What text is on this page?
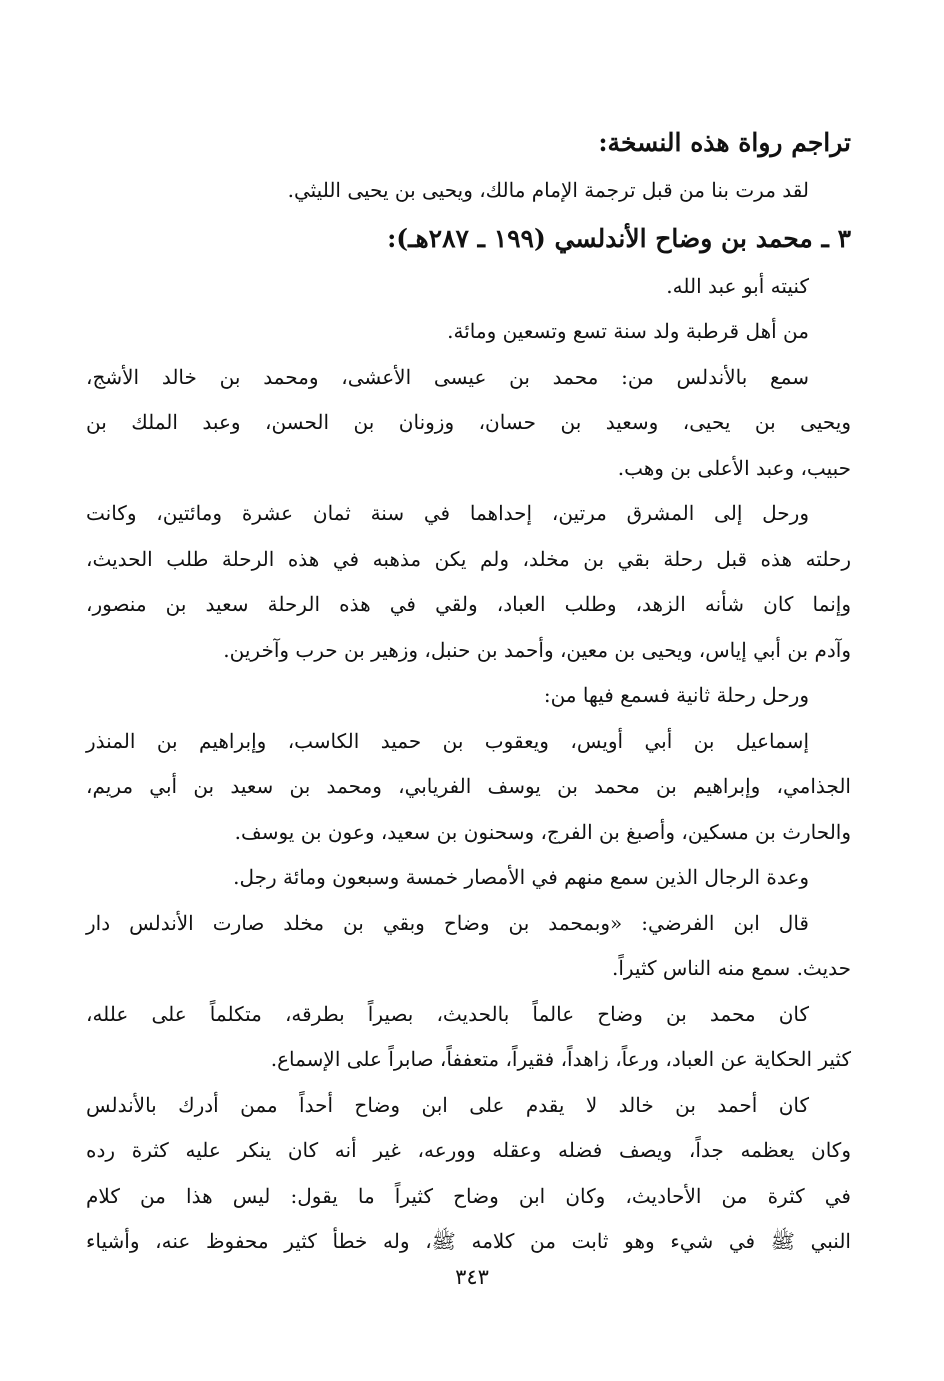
تراجم رواة هذه النسخة:

لقد مرت بنا من قبل ترجمة الإمام مالك، ويحيى بن يحيى الليثي.

٣ ـ محمد بن وضاح الأندلسي (١٩٩ ـ ٢٨٧هـ):

كنيته أبو عبد الله.

من أهل قرطبة ولد سنة تسع وتسعين ومائة.

سمع بالأندلس من: محمد بن عيسى الأعشى، ومحمد بن خالد الأشج،
ويحيى بن يحيى، وسعيد بن حسان، وزونان بن الحسن، وعبد الملك بن
حبيب، وعبد الأعلى بن وهب.

ورحل إلى المشرق مرتين، إحداهما في سنة ثمان عشرة ومائتين، وكانت
رحلته هذه قبل رحلة بقي بن مخلد، ولم يكن مذهبه في هذه الرحلة طلب الحديث،
وإنما كان شأنه الزهد، وطلب العباد، ولقي في هذه الرحلة سعيد بن منصور،
وآدم بن أبي إياس، ويحيى بن معين، وأحمد بن حنبل، وزهير بن حرب وآخرين.

ورحل رحلة ثانية فسمع فيها من:

إسماعيل بن أبي أويس، ويعقوب بن حميد الكاسب، وإبراهيم بن المنذر
الجذامي، وإبراهيم بن محمد بن يوسف الفريابي، ومحمد بن سعيد بن أبي مريم،
والحارث بن مسكين، وأصبغ بن الفرج، وسحنون بن سعيد، وعون بن يوسف.

وعدة الرجال الذين سمع منهم في الأمصار خمسة وسبعون ومائة رجل.

قال ابن الفرضي: «وبمحمد بن وضاح وبقي بن مخلد صارت الأندلس دار
حديث. سمع منه الناس كثيراً.

كان محمد بن وضاح عالماً بالحديث، بصيراً بطرقه، متكلماً على علله،
كثير الحكاية عن العباد، ورعاً، زاهداً، فقيراً، متعففاً، صابراً على الإسماع.

كان أحمد بن خالد لا يقدم على ابن وضاح أحداً ممن أدرك بالأندلس
وكان يعظمه جداً، ويصف فضله وعقله وورعه، غير أنه كان ينكر عليه كثرة رده
في كثرة من الأحاديث، وكان ابن وضاح كثيراً ما يقول: ليس هذا من كلام
النبي ﷺ في شيء وهو ثابت من كلامه ﷺ، وله خطأ كثير محفوظ عنه، وأشياء

٣٤٣
